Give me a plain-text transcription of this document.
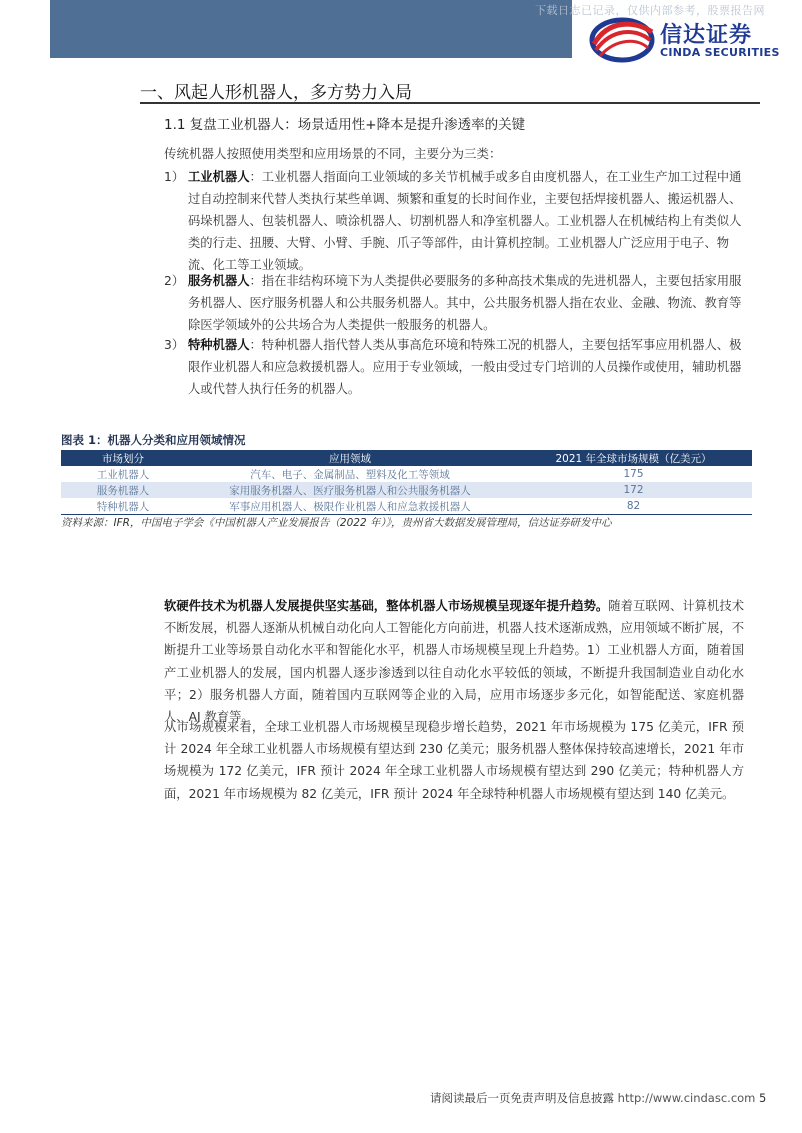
下载日志已记录，仅供内部参考，股票报告网
信达证券
CINDA SECURITIES
一、风起人形机器人，多方势力入局
1.1 复盘工业机器人：场景适用性+降本是提升渗透率的关键
传统机器人按照使用类型和应用场景的不同，主要分为三类：
1） 工业机器人：工业机器人指面向工业领域的多关节机械手或多自由度机器人，在工业生产加工过程中通过自动控制来代替人类执行某些单调、频繁和重复的长时间作业，主要包括焊接机器人、搬运机器人、码垛机器人、包装机器人、喷涂机器人、切割机器人和净室机器人。工业机器人在机械结构上有类似人类的行走、扭腰、大臂、小臂、手腕、爪子等部件，由计算机控制。工业机器人广泛应用于电子、物流、化工等工业领域。
2） 服务机器人：指在非结构环境下为人类提供必要服务的多种高技术集成的先进机器人，主要包括家用服务机器人、医疗服务机器人和公共服务机器人。其中，公共服务机器人指在农业、金融、物流、教育等除医学领域外的公共场合为人类提供一般服务的机器人。
3） 特种机器人：特种机器人指代替人类从事高危环境和特殊工况的机器人，主要包括军事应用机器人、极限作业机器人和应急救援机器人。应用于专业领域，一般由受过专门培训的人员操作或使用，辅助机器人或代替人执行任务的机器人。
图表 1：机器人分类和应用领域情况
市场划分	应用领域	2021 年全球市场规模（亿美元）
工业机器人	汽车、电子、金属制品、塑料及化工等领域	175
服务机器人	家用服务机器人、医疗服务机器人和公共服务机器人	172
特种机器人	军事应用机器人、极限作业机器人和应急救援机器人	82
资料来源：IFR，中国电子学会《中国机器人产业发展报告（2022 年）》，贵州省大数据发展管理局，信达证券研发中心
软硬件技术为机器人发展提供坚实基础，整体机器人市场规模呈现逐年提升趋势。随着互联网、计算机技术不断发展，机器人逐渐从机械自动化向人工智能化方向前进，机器人技术逐渐成熟，应用领域不断扩展，不断提升工业等场景自动化水平和智能化水平，机器人市场规模呈现上升趋势。1）工业机器人方面，随着国产工业机器人的发展，国内机器人逐步渗透到以往自动化水平较低的领域，不断提升我国制造业自动化水平；2）服务机器人方面，随着国内互联网等企业的入局，应用市场逐步多元化，如智能配送、家庭机器人、AI 教育等。
从市场规模来看，全球工业机器人市场规模呈现稳步增长趋势，2021 年市场规模为 175 亿美元，IFR 预计 2024 年全球工业机器人市场规模有望达到 230 亿美元；服务机器人整体保持较高速增长，2021 年市场规模为 172 亿美元，IFR 预计 2024 年全球工业机器人市场规模有望达到 290 亿美元；特种机器人方面，2021 年市场规模为 82 亿美元，IFR 预计 2024 年全球特种机器人市场规模有望达到 140 亿美元。
请阅读最后一页免责声明及信息披露 http://www.cindasc.com 5
